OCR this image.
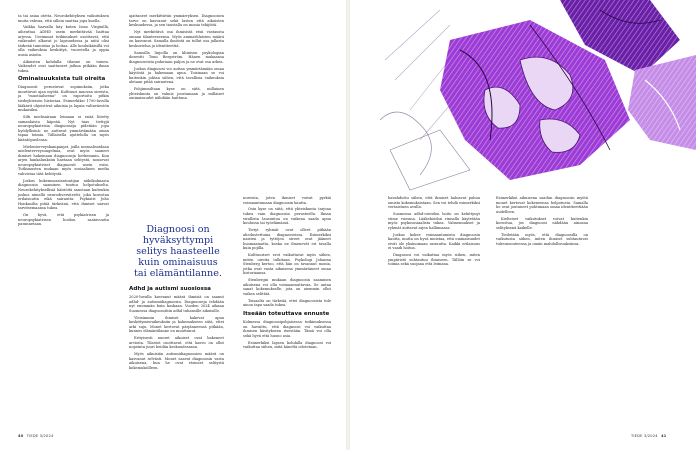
ta tai asiaa otetta. Neurokehityksen vaikutuksen muita vahvaa, että silloin saattaa jopa kuolla.

Vaikka harvalla käy kuten Ismo Virginillä, aiheuttaa ADHD usein merkittävää haittaa arjessa. Useimmat tutkimukset osoittavat, että vaikeudet alkavat jo lapsuudessa ja niitä olisi tärkeää tunnistaa ja hoitaa. Alle kouluikäisillä voi olla vaikeuksia keskittyä, vuorotella ja oppia uusia asioita.

Aikuisten kohdalla tilanne on toinen. Vaikeudet ovat saattaneet jatkua pitkään ilman tukea.

Ominaisuuksista tuli oireita

Diagnoosit perustuvat sopimuksiin, jotka muuttuvat ajan myötä. Kulttuuri muovaa oireista, ja "muotiaiheena" on raportoitu pitkin tiedeyhteisön historiaa. Esimerkiksi 1700-luvulla lääkärit ohjeistivat aikuisia ja lapsia valtaväestön mukaisiksi.

Silti mielisairaan leimaan ei enää liitetty samanlaista häpeää. Nyt taas tiettyjä neuropsykiatrisia diagnooseja pidetään jopa hyödyllisinä: ne auttavat ymmärtämään oman tapaa toimia. Tällaisella ajattelulla on myös kääntöpuolensa.

Mielenterveyskampanjat, joilla normalisoidaan mielenterveysongelmia, ovat myös saaneet ihmiset hakemaan diagnooseja herkemmin. Kun arjen hankaluuksiin haetaan selitystä, nousevat neuropsykiatriset diagnoosit usein esiin. Tutkimusten mukaan myös sosiaalinen media vahvistaa tätä kehitystä.

Joskus kokemusasiantuntijan näkökulmasta diagnoosin saaminen tuntuu helpotukselta. Neurokehityksellisiä häiriöitä sanotaan kuitenkin joskus nimellä neurodiversiteetti, joka korostaa erilaisuutta eikä sairautta. Psykiatri Juho Honkasilta pitää tärkeänä, että ihmiset saavat tarvitsemaansa tukea.

On hyvä, että psykiatrisen ja neuropsykiatrisen hoidon saatavuutta parannetaan.

ajattaneet merkittävän ymmärryksen. Diagnoosien tarve on kasvanut sekä lasten että aikuisten keskuudessa, ja sen taustalla on monia tekijöitä.

Nyt merkittävä osa ihmisistä etsii vastausta omaan tilanteeseensa. Myös ammattilaisten määrä on kasvanut. Samalla ilmiöstä on tullut osa julkista keskustelua ja identiteettiä.

Samoilla linjoilla on kliinisen psykologian dosentti Tomi Bergström. Hänen mukaansa diagnooseista puhutaan paljon ja ne ovat osa arkea.

Joskus diagnoosi voi auttaa ymmärtämään omaa käytöstä ja hakemaan apua. Toisinaan se voi kuitenkin johtaa siihen, että tavallisia vaikeuksia aletaan pitää sairautena.

Pohjimmiltaan kyse on siitä, millainen yhteiskunta on valmis joustamaan ja millaiset ominaisuudet nähdään haittana.

Diagnoosi on hyväksyttympi selitys haasteelle kuin ominaisuus tai elämäntilanne.
Adhd ja autismi suosiossa

2020-luvulla kasvanut määrä ihmisiä on saanut adhd- ja autismidiagnoosin. Diagnooseja tehdään nyt enemmän kuin koskaan. Vuoden 2024 aikana Suomessa diagnosoitiin adhd tuhansille aikuisille.

Yleisimmin ihmiset hakevat apua keskittymisvaikeuksiin ja kokemukseen siitä, ettei arki suju. Monet kertovat pärjänneensä pitkään, kunnes elämäntilanne on muuttunut.

Erityisesti nuoret aikuiset ovat hakeneet arvioita. Tilastot osoittavat, että kasvu on ollut nopeinta juuri heidän keskuudessaan.

Myös aikuisiän autismidiagnoosien määrä on kasvanut selvästi. Monet saavat diagnoosin vasta aikuisena, kun he ovat etsineet selitystä kokemuksilleen.

noreista, joten ihmiset voivat pyrkiä voimaantumaan diagnoosin kautta.

Osin kyse on siitä, että yhteiskunta tarjoaa tukea vain diagnoosin perusteella. Ilman virallista lausuntoa on vaikeaa saada apua koulussa tai työelämässä.

Tietyt ryhmät ovat olleet pitkään aliedustettuina diagnooseissa. Esimerkiksi naisten ja tyttöjen oireet ovat jääneet huomaamatta, koska ne ilmenevät eri tavalla kuin pojilla.

Kulttuuriset erot vaikuttavat myös siihen, miten oireita tulkitaan. Psykologi Johanna Stenberg kertoo, että hän on tavannut monia, jotka ovat vasta aikuisena ymmärtäneet omaa historiaansa.

Stenbergin mukaan diagnoosin saaminen aikuisena voi olla voimaannuttavaa. Se antaa sanat kokemukselle, jota on aiemmin ollut vaikea selittää.

Toisaalta on tärkeää, ettei diagnoosista tule ainoa tapa saada tukea.

Itseään toteuttava ennuste

Kolmessa diagnoosipohjaisessa tutkimuksessa on havaittu, että diagnoosi voi vaikuttaa ihmisen käsitykseen itsestään. Tämä voi olla sekä hyvä että huono asia.

Esimerkiksi lapsen kohdalla diagnoosi voi vaikuttaa siihen, mitä häneltä odotetaan.

40 TIEDE 3/2024

havahduttu siihen, että ihmiset haluavat puhua omista kokemuksistaan. Sen voi tehdä esimerkiksi vertaistuen avulla.

Suomessa adhd-oireiden hoito on kehittynyt viime vuosina. Lääkehoidon rinnalla käytetään myös psykososiaalista tukea. Valmennukset ja ryhmät auttavat arjen hallinnassa.

Joskus kokee voimaantumista diagnoosin kautta, mutta on hyvä muistaa, että ominaisuudet eivät ole yksinomaan sairautta. Kaikki erilaisuus ei vaadi hoitoa.

Diagnoosi voi vaikuttaa myös siihen, miten ympäristö suhtautuu ihmiseen. Tällöin se voi toimia sekä suojana että leimana.

Esimerkiksi aikuisena saadun diagnoosin myötä monet kertovat kokeneensa helpotusta. Samalla he ovat joutuneet pohtimaan omaa identiteettiään uudelleen.

Kielteiset vaikutukset voivat kuitenkin korostua, jos diagnoosi nähdään ainoana selityksenä kaikelle.

Tiedetään myös, että diagnoosilla on vaikutusta siihen, miten ihmiset suhtautuvat tulevaisuuteensa ja omiin mahdollisuuksiinsa.

TIEDE 3/2024 41
